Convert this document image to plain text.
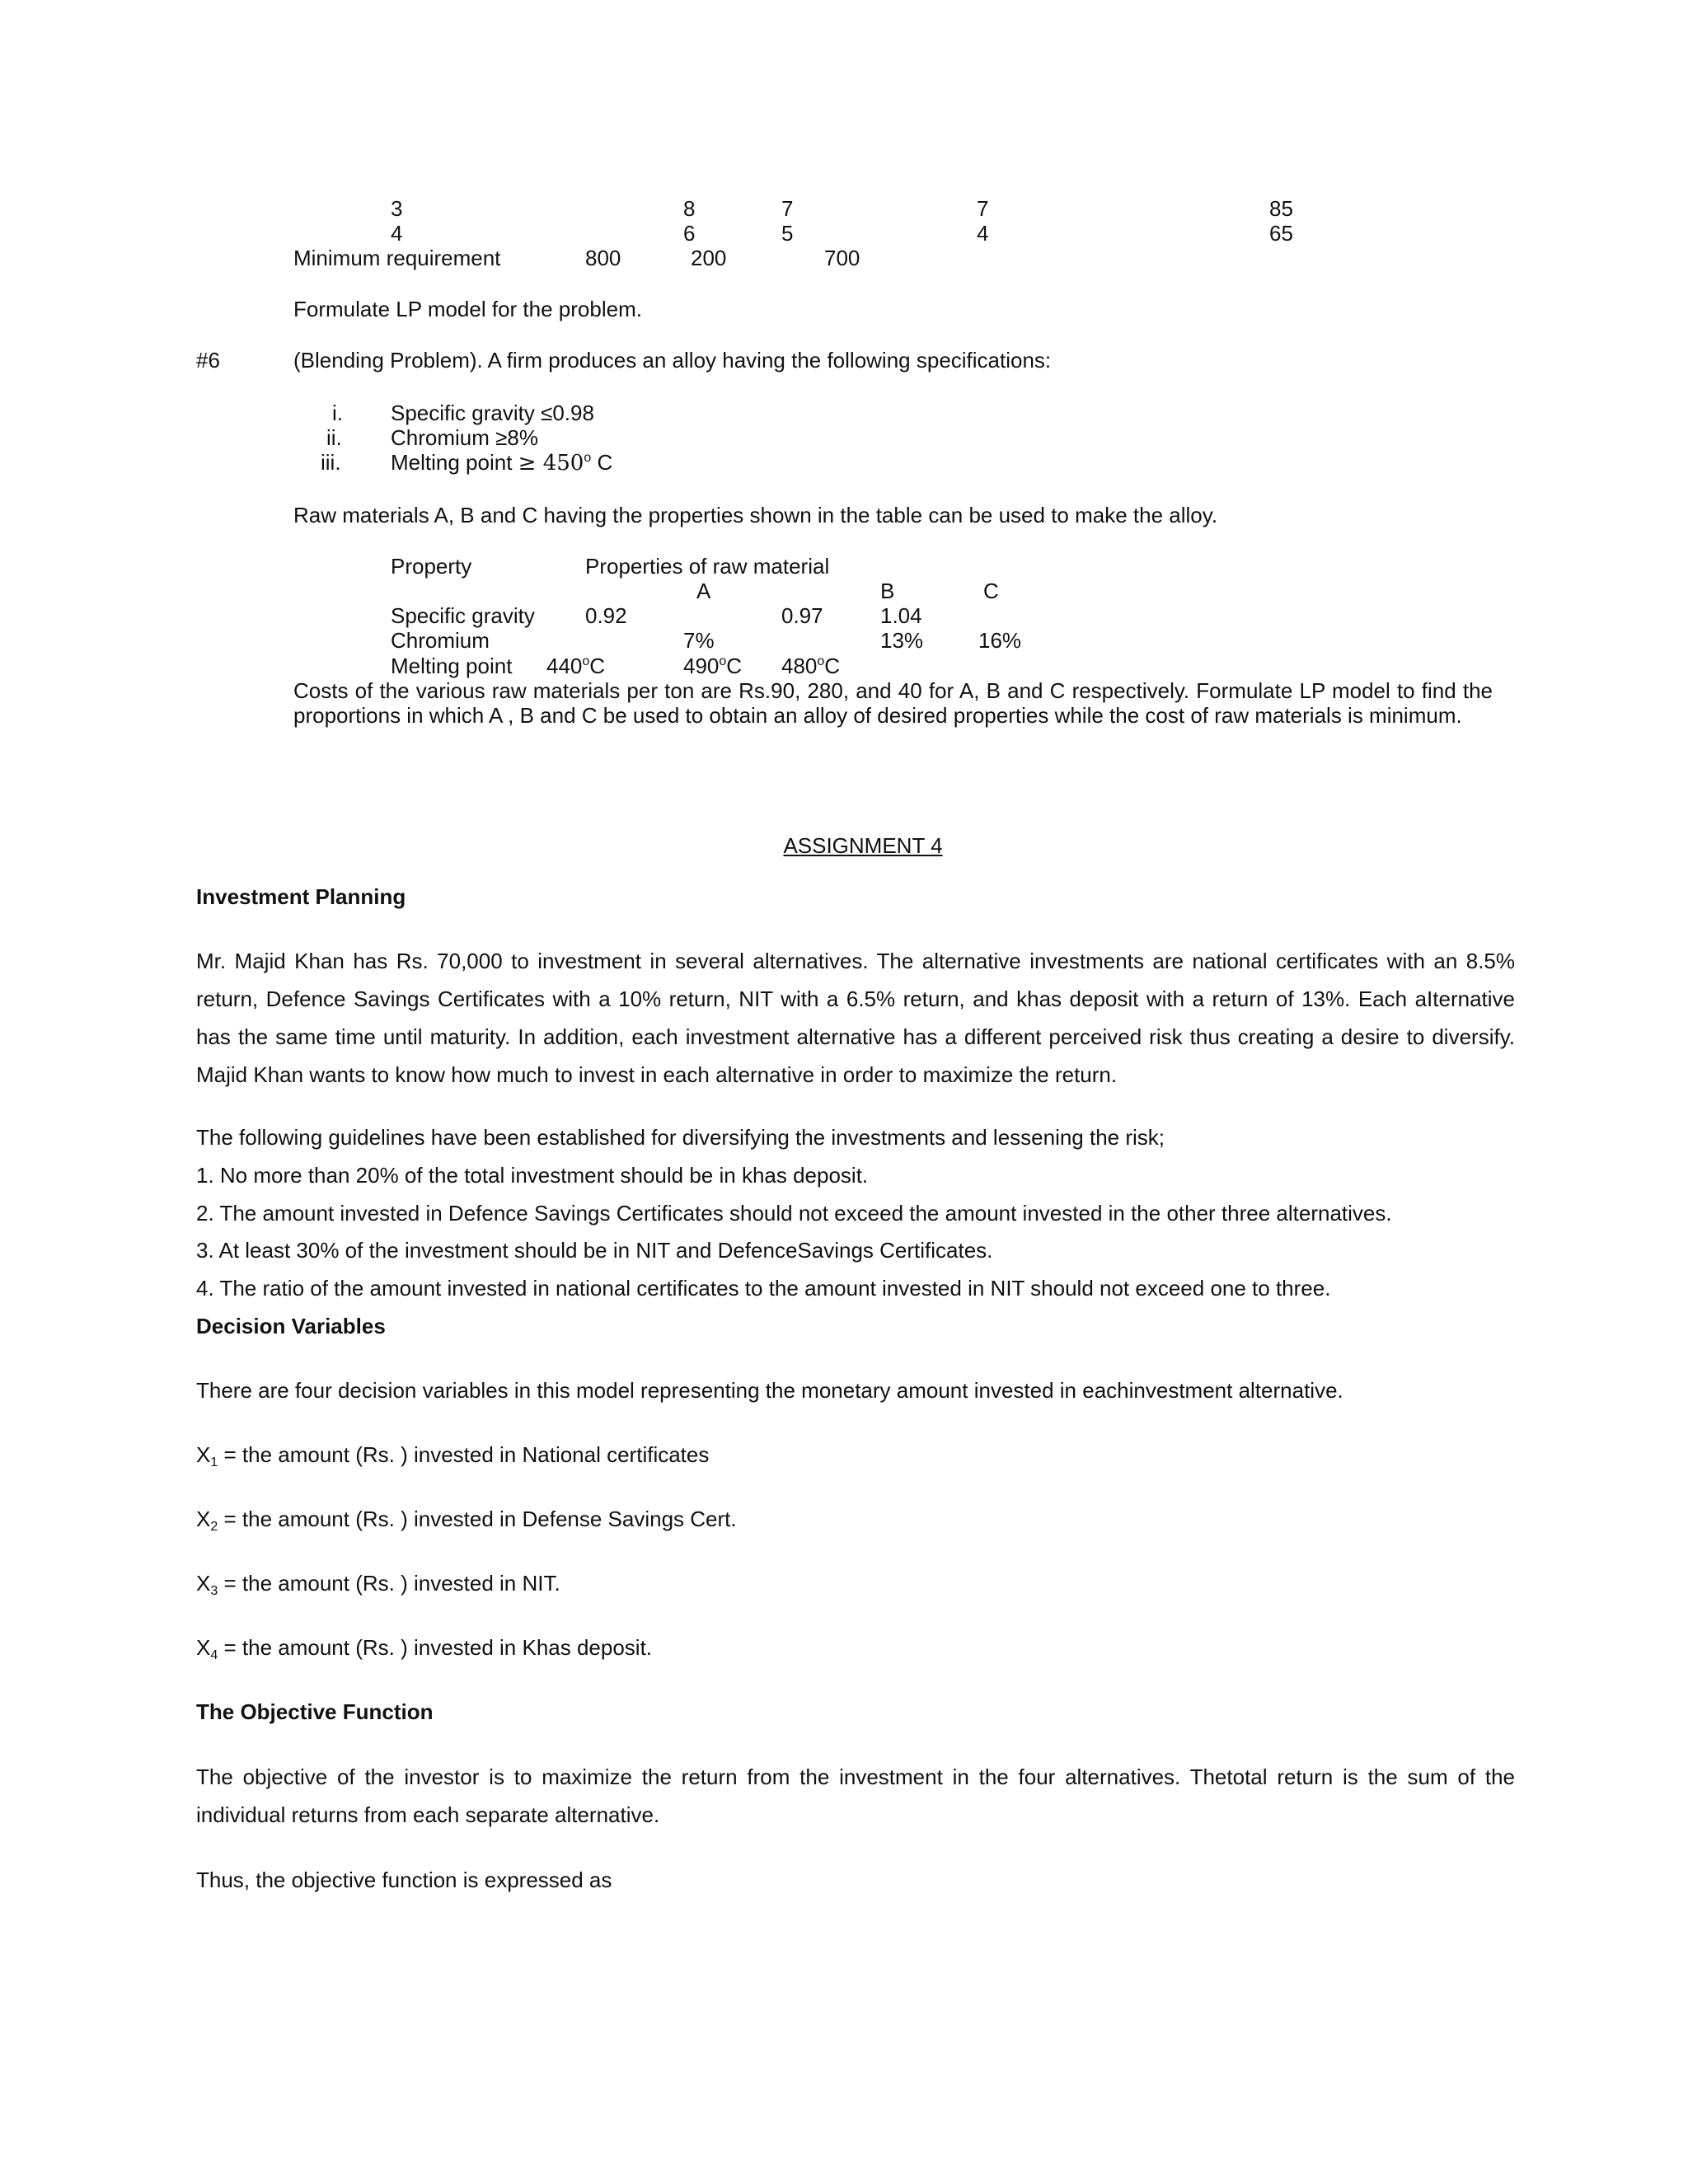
3	8	7	7	85
4	6	5	4	65
Minimum requirement	800	200	700
Formulate LP model for the problem.
#6	(Blending Problem). A firm produces an alloy having the following specifications:
i. Specific gravity ≤0.98
ii. Chromium ≥8%
iii. Melting point ≥ $450^o$ C
Raw materials A, B and C having the properties shown in the table can be used to make the alloy.
Property	Properties of raw material
A	B	C
Specific gravity 0.92	0.97	1.04
Chromium	7%	13%	16%
Melting point 440$^o$C	490$^o$C 480$^o$C
Costs of the various raw materials per ton are Rs.90, 280, and 40 for A, B and C respectively. Formulate LP model to find the
proportions in which A , B and C be used to obtain an alloy of desired properties while the cost of raw materials is minimum.
ASSIGNMENT 4
Investment Planning
Mr. Majid Khan has Rs. 70,000 to investment in several alternatives. The alternative investments are national certificates with an 8.5%
return, Defence Savings Certificates with a 10% return, NIT with a 6.5% return, and khas deposit with a return of 13%. Each aIternative
has the same time until maturity. In addition, each investment alternative has a different perceived risk thus creating a desire to diversify.
Majid Khan wants to know how much to invest in each alternative in order to maximize the return.
The following guidelines have been established for diversifying the investments and lessening the risk;
1. No more than 20% of the total investment should be in khas deposit.
2. The amount invested in Defence Savings Certificates should not exceed the amount invested in the other three alternatives.
3. At least 30% of the investment should be in NIT and DefenceSavings Certificates.
4. The ratio of the amount invested in national certificates to the amount invested in NIT should not exceed one to three.
Decision Variables
There are four decision variables in this model representing the monetary amount invested in eachinvestment alternative.
$X_1$ = the amount (Rs. ) invested in National certificates
$X_2$ = the amount (Rs. ) invested in Defense Savings Cert.
$X_3$ = the amount (Rs. ) invested in NIT.
$X_4$ = the amount (Rs. ) invested in Khas deposit.
The Objective Function
The objective of the investor is to maximize the return from the investment in the four alternatives. Thetotal return is the sum of the
individual returns from each separate alternative.
Thus, the objective function is expressed as
